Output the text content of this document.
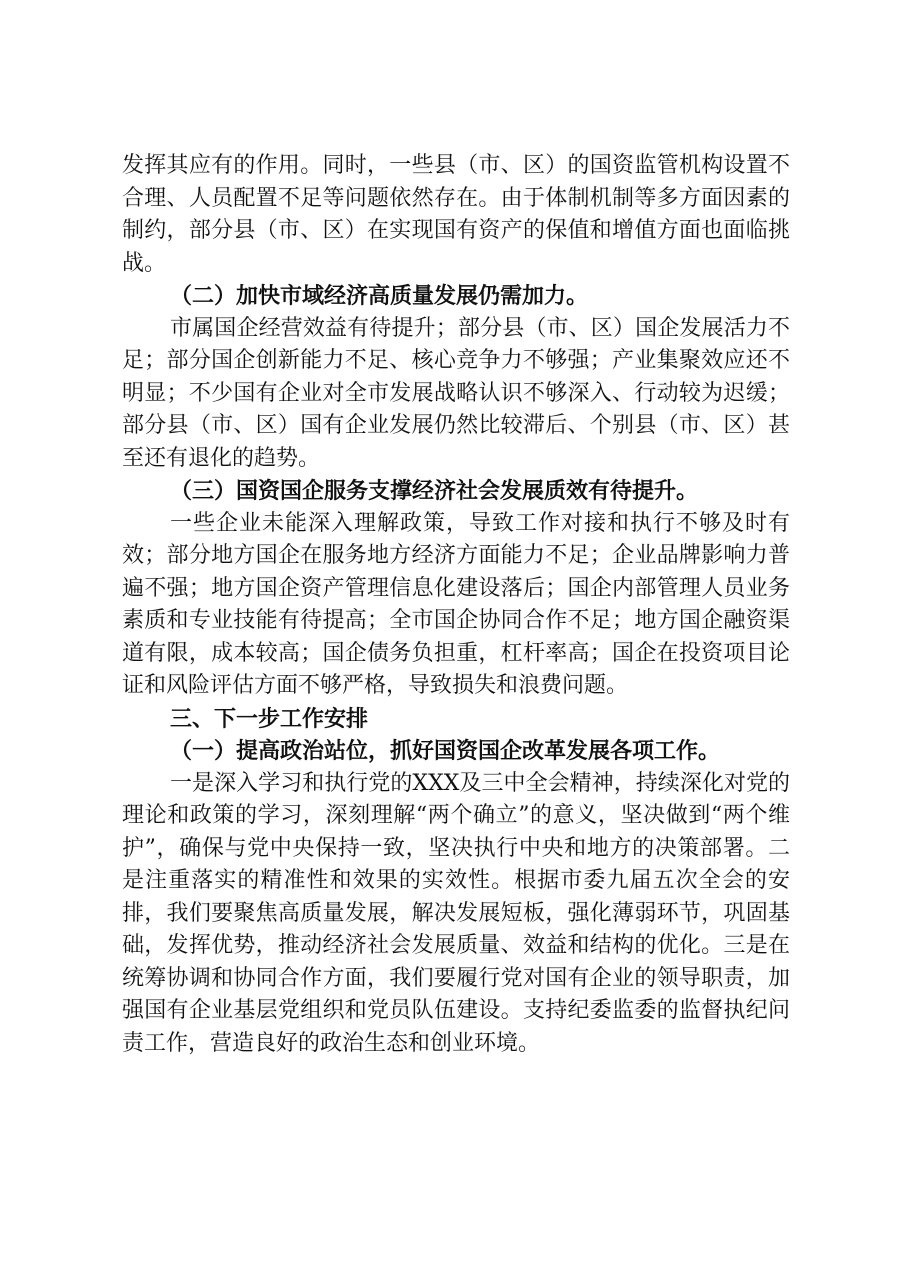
发挥其应有的作用。同时，一些县（市、区）的国资监管机构设置不合理、人员配置不足等问题依然存在。由于体制机制等多方面因素的制约，部分县（市、区）在实现国有资产的保值和增值方面也面临挑战。

（二）加快市域经济高质量发展仍需加力。

市属国企经营效益有待提升；部分县（市、区）国企发展活力不足；部分国企创新能力不足、核心竞争力不够强；产业集聚效应还不明显；不少国有企业对全市发展战略认识不够深入、行动较为迟缓；部分县（市、区）国有企业发展仍然比较滞后、个别县（市、区）甚至还有退化的趋势。

（三）国资国企服务支撑经济社会发展质效有待提升。

一些企业未能深入理解政策，导致工作对接和执行不够及时有效；部分地方国企在服务地方经济方面能力不足；企业品牌影响力普遍不强；地方国企资产管理信息化建设落后；国企内部管理人员业务素质和专业技能有待提高；全市国企协同合作不足；地方国企融资渠道有限，成本较高；国企债务负担重，杠杆率高；国企在投资项目论证和风险评估方面不够严格，导致损失和浪费问题。

三、下一步工作安排

（一）提高政治站位，抓好国资国企改革发展各项工作。

一是深入学习和执行党的XXX及三中全会精神，持续深化对党的理论和政策的学习，深刻理解“两个确立”的意义，坚决做到“两个维护”，确保与党中央保持一致，坚决执行中央和地方的决策部署。二是注重落实的精准性和效果的实效性。根据市委九届五次全会的安排，我们要聚焦高质量发展，解决发展短板，强化薄弱环节，巩固基础，发挥优势，推动经济社会发展质量、效益和结构的优化。三是在统筹协调和协同合作方面，我们要履行党对国有企业的领导职责，加强国有企业基层党组织和党员队伍建设。支持纪委监委的监督执纪问责工作，营造良好的政治生态和创业环境。
